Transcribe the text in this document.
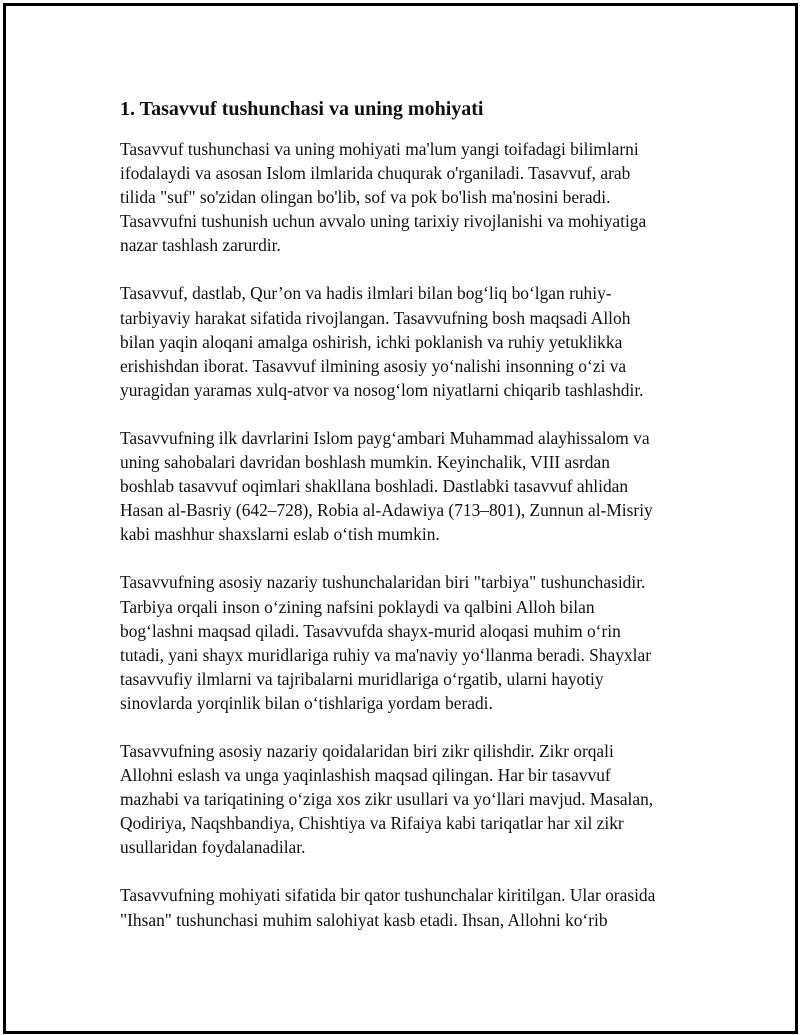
1. Tasavvuf tushunchasi va uning mohiyati
Tasavvuf tushunchasi va uning mohiyati ma'lum yangi toifadagi bilimlarni
ifodalaydi va asosan Islom ilmlarida chuqurak o'rganiladi. Tasavvuf, arab
tilida "suf" so'zidan olingan bo'lib, sof va pok bo'lish ma'nosini beradi.
Tasavvufni tushunish uchun avvalo uning tarixiy rivojlanishi va mohiyatiga
nazar tashlash zarurdir.
Tasavvuf, dastlab, Qur’on va hadis ilmlari bilan bog‘liq bo‘lgan ruhiy-
tarbiyaviy harakat sifatida rivojlangan. Tasavvufning bosh maqsadi Alloh
bilan yaqin aloqani amalga oshirish, ichki poklanish va ruhiy yetuklikka
erishishdan iborat. Tasavvuf ilmining asosiy yo‘nalishi insonning o‘zi va
yuragidan yaramas xulq-atvor va nosog‘lom niyatlarni chiqarib tashlashdir.
Tasavvufning ilk davrlarini Islom payg‘ambari Muhammad alayhissalom va
uning sahobalari davridan boshlash mumkin. Keyinchalik, VIII asrdan
boshlab tasavvuf oqimlari shakllana boshladi. Dastlabki tasavvuf ahlidan
Hasan al-Basriy (642–728), Robia al-Adawiya (713–801), Zunnun al-Misriy
kabi mashhur shaxslarni eslab o‘tish mumkin.
Tasavvufning asosiy nazariy tushunchalaridan biri "tarbiya" tushunchasidir.
Tarbiya orqali inson o‘zining nafsini poklaydi va qalbini Alloh bilan
bog‘lashni maqsad qiladi. Tasavvufda shayx-murid aloqasi muhim o‘rin
tutadi, yani shayx muridlariga ruhiy va ma'naviy yo‘llanma beradi. Shayxlar
tasavvufiy ilmlarni va tajribalarni muridlariga o‘rgatib, ularni hayotiy
sinovlarda yorqinlik bilan o‘tishlariga yordam beradi.
Tasavvufning asosiy nazariy qoidalaridan biri zikr qilishdir. Zikr orqali
Allohni eslash va unga yaqinlashish maqsad qilingan. Har bir tasavvuf
mazhabi va tariqatining o‘ziga xos zikr usullari va yo‘llari mavjud. Masalan,
Qodiriya, Naqshbandiya, Chishtiya va Rifaiya kabi tariqatlar har xil zikr
usullaridan foydalanadilar.
Tasavvufning mohiyati sifatida bir qator tushunchalar kiritilgan. Ular orasida
"Ihsan" tushunchasi muhim salohiyat kasb etadi. Ihsan, Allohni ko‘rib
